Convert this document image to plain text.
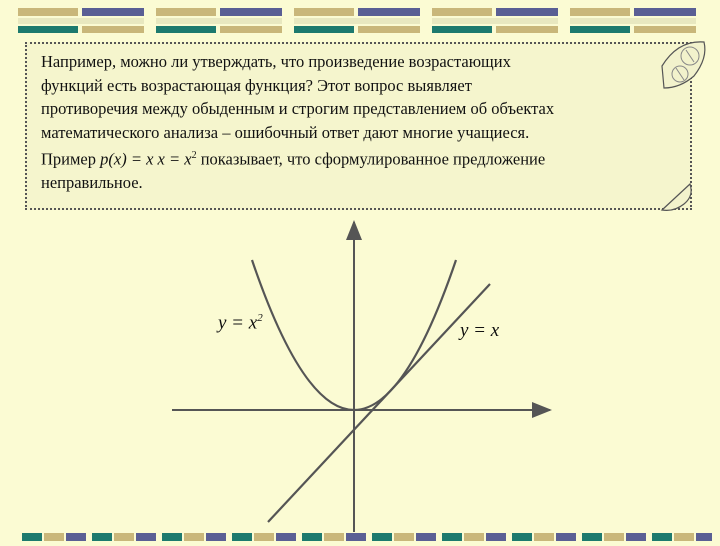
Например, можно ли утверждать, что произведение возрастающих
функций есть возрастающая функция? Этот вопрос выявляет
противоречия между обыденным и строгим представлением об объектах
математического анализа – ошибочный ответ дают многие учащиеся.
Пример p(x) = x $x = x^2$ показывает, что сформулированное предложение
неправильное.
$y = x^2$
y = x
